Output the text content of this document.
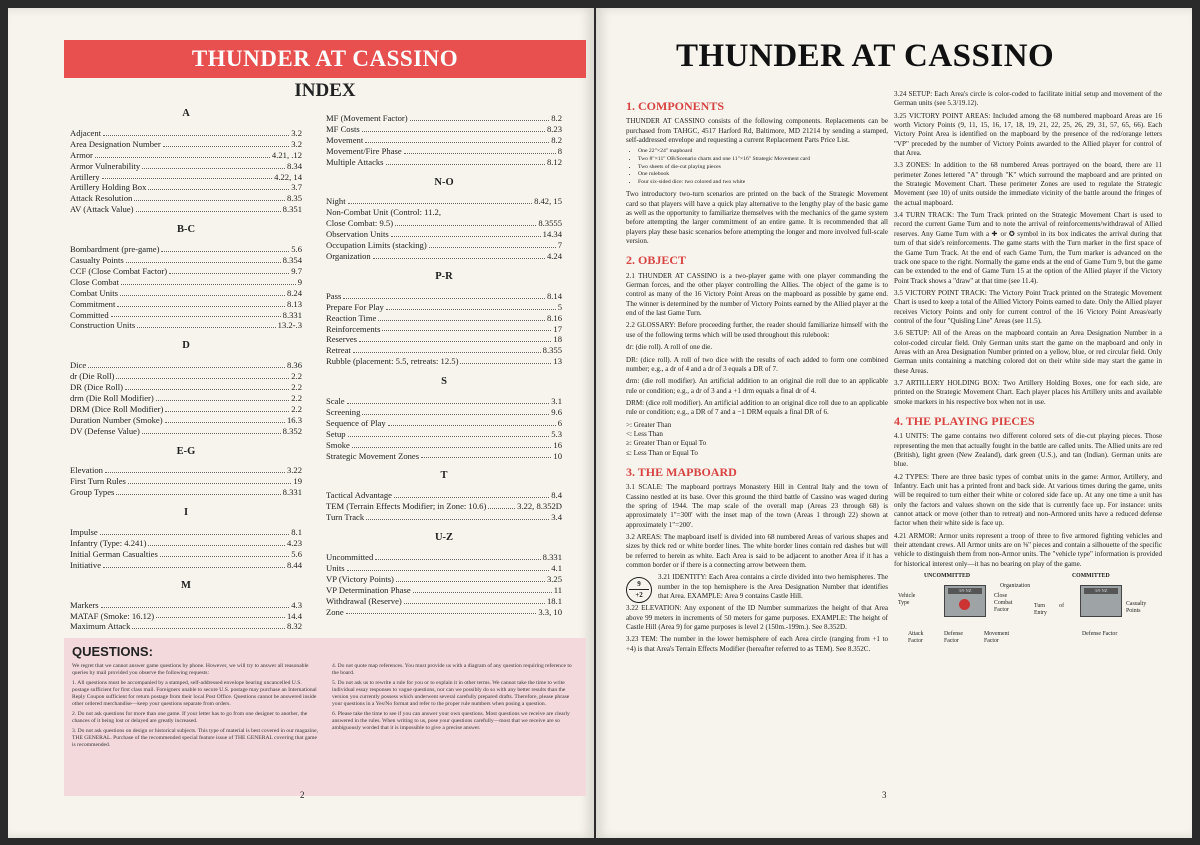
THUNDER AT CASSINO
INDEX
A
Adjacent	3.2
Area Designation Number	3.2
Armor	4.21, .12
Armor Vulnerability	8.34
Artillery	4.22, 14
Artillery Holding Box	3.7
Attack Resolution	8.35
AV (Attack Value)	8.351
B-C
Bombardment (pre-game)	5.6
Casualty Points	8.354
CCF (Close Combat Factor)	9.7
Close Combat	9
Combat Units	8.24
Commitment	8.13
Committed	8.331
Construction Units	13.2-.3
D
Dice	8.36
dr (Die Roll)	2.2
DR (Dice Roll)	2.2
drm (Die Roll Modifier)	2.2
DRM (Dice Roll Modifier)	2.2
Duration Number (Smoke)	16.3
DV (Defense Value)	8.352
E-G
Elevation	3.22
First Turn Rules	19
Group Types	8.331
I
Impulse	8.1
Infantry (Type: 4.241)	4.23
Initial German Casualties	5.6
Initiative	8.44
M
Markers	4.3
MATAF (Smoke: 16.12)	14.4
Maximum Attack	8.32
MF (Movement Factor)	8.2
MF Costs	8.23
Movement	8.2
Movement/Fire Phase	8
Multiple Attacks	8.12
N-O
Night	8.42, 15
Non-Combat Unit (Control: 11.2,
Close Combat: 9.5)	8.3555
Observation Units	14.34
Occupation Limits (stacking)	7
Organization	4.24
P-R
Pass	8.14
Prepare For Play	5
Reaction Time	8.16
Reinforcements	17
Reserves	18
Retreat	8.355
Rubble (placement: 5.5, retreats: 12.5)	13
S
Scale	3.1
Screening	9.6
Sequence of Play	6
Setup	5.3
Smoke	16
Strategic Movement Zones	10
T
Tactical Advantage	8.4
TEM (Terrain Effects Modifier; in Zone: 10.6)	3.22, 8.352D
Turn Track	3.4
U-Z
Uncommitted	8.331
Units	4.1
VP (Victory Points)	3.25
VP Determination Phase	11
Withdrawal (Reserve)	18.1
Zone	3.3, 10
QUESTIONS:

We regret that we cannot answer game questions by phone. However, we will try to answer all reasonable queries by mail provided you observe the following requests:

1. All questions must be accompanied by a stamped, self-addressed envelope bearing uncancelled U.S. postage sufficient for first class mail. Foreigners unable to secure U.S. postage may purchase an International Reply Coupon sufficient for return postage from their local Post Office. Questions cannot be answered inside other ordered merchandise—keep your questions separate from orders.

2. Do not ask questions for more than one game. If your letter has to go from one designer to another, the chances of it being lost or delayed are greatly increased.

3. Do not ask questions on design or historical subjects. This type of material is best covered in our magazine, THE GENERAL. Purchase of the recommended special feature issue of THE GENERAL covering that game is recommended.

4. Do not quote map references. You must provide us with a diagram of any question requiring reference to the board.

5. Do not ask us to rewrite a rule for you or to explain it in other terms. We cannot take the time to write individual essay responses to vague questions, nor can we possibly do so with any better results than the version you currently possess which underwent several carefully prepared drafts. Therefore, please phrase your questions in a Yes/No format and refer to the proper rule numbers when posing a question.

6. Please take the time to see if you can answer your own questions. Most questions we receive are clearly answered in the rules. When writing to us, pose your questions carefully—most that we receive are so ambiguously worded that it is impossible to give a precise answer.

2
THUNDER AT CASSINO
1. COMPONENTS

THUNDER AT CASSINO consists of the following components. Replacements can be purchased from TAHGC, 4517 Harford Rd, Baltimore, MD 21214 by sending a stamped, self-addressed envelope and requesting a current Replacement Parts Price List.

• One 22"×24" mapboard
• Two 8"×11" OB/Scenario charts and one 11"×16" Strategic Movement card
• Two sheets of die-cut playing pieces
• One rulebook
• Four six-sided dice: two colored and two white

Two introductory two-turn scenarios are printed on the back of the Strategic Movement card so that players will have a quick play alternative to the lengthy play of the basic game as well as the opportunity to familiarize themselves with the mechanics of the game system before attempting the larger commitment of an entire game. It is recommended that all players play these basic scenarios before attempting the longer and more involved full-scale version.

2. OBJECT

2.1 THUNDER AT CASSINO is a two-player game with one player commanding the German forces, and the other player controlling the Allies. The object of the game is to control as many of the 16 Victory Point Areas on the mapboard as possible by game end. The winner is determined by the number of Victory Points earned by the Allied player at the end of the last Game Turn.

2.2 GLOSSARY: Before proceeding further, the reader should familiarize himself with the use of the following terms which will be used throughout this rulebook:

dr: (die roll). A roll of one die.

DR: (dice roll). A roll of two dice with the results of each added to form one combined number; e.g., a dr of 4 and a dr of 3 equals a DR of 7.

drm: (die roll modifier). An artificial addition to an original die roll due to an applicable rule or condition; e.g., a dr of 3 and a +1 drm equals a final dr of 4.

DRM: (dice roll modifier). An artificial addition to an original dice roll due to an applicable rule or condition; e.g., a DR of 7 and a −1 DRM equals a final DR of 6.

>: Greater Than
<: Less Than
≥: Greater Than or Equal To
≤: Less Than or Equal To
3. THE MAPBOARD

3.1 SCALE: The mapboard portrays Monastery Hill in Central Italy and the town of Cassino nestled at its base. Over this ground the third battle of Cassino was waged during the spring of 1944. The map scale of the overall map (Areas 23 through 68) is approximately 1"=300' with the inset map of the town (Areas 1 through 22) shown at approximately 1"=200'.

3.2 AREAS: The mapboard itself is divided into 68 numbered Areas of various shapes and sizes by thick red or white border lines. The white border lines contain red dashes but will be referred to herein as white. Each Area is said to be adjacent to another Area if it has a common border or if there is a connecting arrow between them.

9
+2

3.21 IDENTITY: Each Area contains a circle divided into two hemispheres. The number in the top hemisphere is the Area Designation Number that identifies that Area. EXAMPLE: Area 9 contains Castle Hill.

3.22 ELEVATION: Any exponent of the ID Number summarizes the height of that Area above 99 meters in increments of 50 meters for game purposes. EXAMPLE: The height of Castle Hill (Area 9) for game purposes is level 2 (150m.-199m.). See 8.352D.

3.23 TEM: The number in the lower hemisphere of each Area circle (ranging from +1 to +4) is that Area's Terrain Effects Modifier (hereafter referred to as TEM). See 8.352C.

3.24 SETUP: Each Area's circle is color-coded to facilitate initial setup and movement of the German units (see 5.3/19.12).

3.25 VICTORY POINT AREAS: Included among the 68 numbered mapboard Areas are 16 worth Victory Points (9, 11, 15, 16, 17, 18, 19, 21, 22, 25, 26, 29, 31, 57, 65, 66). Each Victory Point Area is identified on the mapboard by the presence of the red/orange letters "VP" preceded by the number of Victory Points awarded to the Allied player for control of that Area.

3.3 ZONES: In addition to the 68 numbered Areas portrayed on the board, there are 11 perimeter Zones lettered "A" through "K" which surround the mapboard and are printed on the Strategic Movement Chart. These perimeter Zones are used to regulate the Strategic Movement (see 10) of units outside the immediate vicinity of the battle around the fringes of the actual mapboard.

3.4 TURN TRACK: The Turn Track printed on the Strategic Movement Chart is used to record the current Game Turn and to note the arrival of reinforcements/withdrawal of Allied reserves. Any Game Turn with a ✚ or ✪ symbol in its box indicates the arrival during that turn of that side's reinforcements. The game starts with the Turn marker in the first space of the Game Turn Track. At the end of each Game Turn, the Turn marker is advanced on the track one space to the right. Normally the game ends at the end of Game Turn 9, but the game can be extended to the end of Game Turn 15 at the option of the Allied player if the Victory Point Track shows a "draw" at that time (see 11.4).

3.5 VICTORY POINT TRACK: The Victory Point Track printed on the Strategic Movement Chart is used to keep a total of the Allied Victory Points earned to date. Only the Allied player receives Victory Points and only for current control of the 16 Victory Point Areas/early control of the four "Quisling Line" Areas (see 11.5).

3.6 SETUP: All of the Areas on the mapboard contain an Area Designation Number in a color-coded circular field. Only German units start the game on the mapboard and only in Areas with an Area Designation Number printed on a yellow, blue, or red circular field. Only German units containing a matching colored dot on their white side may start the game in these Areas.

3.7 ARTILLERY HOLDING BOX: Two Artillery Holding Boxes, one for each side, are printed on the Strategic Movement Chart. Each player places his Artillery units and available smoke markers in his respective box when not in use.

4. THE PLAYING PIECES

4.1 UNITS: The game contains two different colored sets of die-cut playing pieces. Those representing the men that actually fought in the battle are called units. The Allied units are red (British), light green (New Zealand), dark green (U.S.), and tan (Indian). German units are blue.

4.2 TYPES: There are three basic types of combat units in the game: Armor, Artillery, and Infantry. Each unit has a printed front and back side. At various times during the game, units will be required to turn either their white or colored side face up. At any one time a unit has only the factors and values shown on the side that is currently face up. For instance: units cannot attack or move (other than to retreat) and non-Armored units have a reduced defense factor when their white side is face up.

4.21 ARMOR: Armor units represent a troop of three to five armored fighting vehicles and their attendant crews. All Armor units are on ⅝" pieces and contain a silhouette of the specific vehicle to distinguish them from non-Armor units. The "vehicle type" information is provided for historical interest only—it has no bearing on play of the game.

UNCOMMITTED	COMMITTED
3/9 NZ	3/9 NZ
Vehicle Type
Organization
Close Combat Factor
Turn of Entry
Casualty Points
Attack Factor
Defense Factor
Movement Factor
Defense Factor
3
